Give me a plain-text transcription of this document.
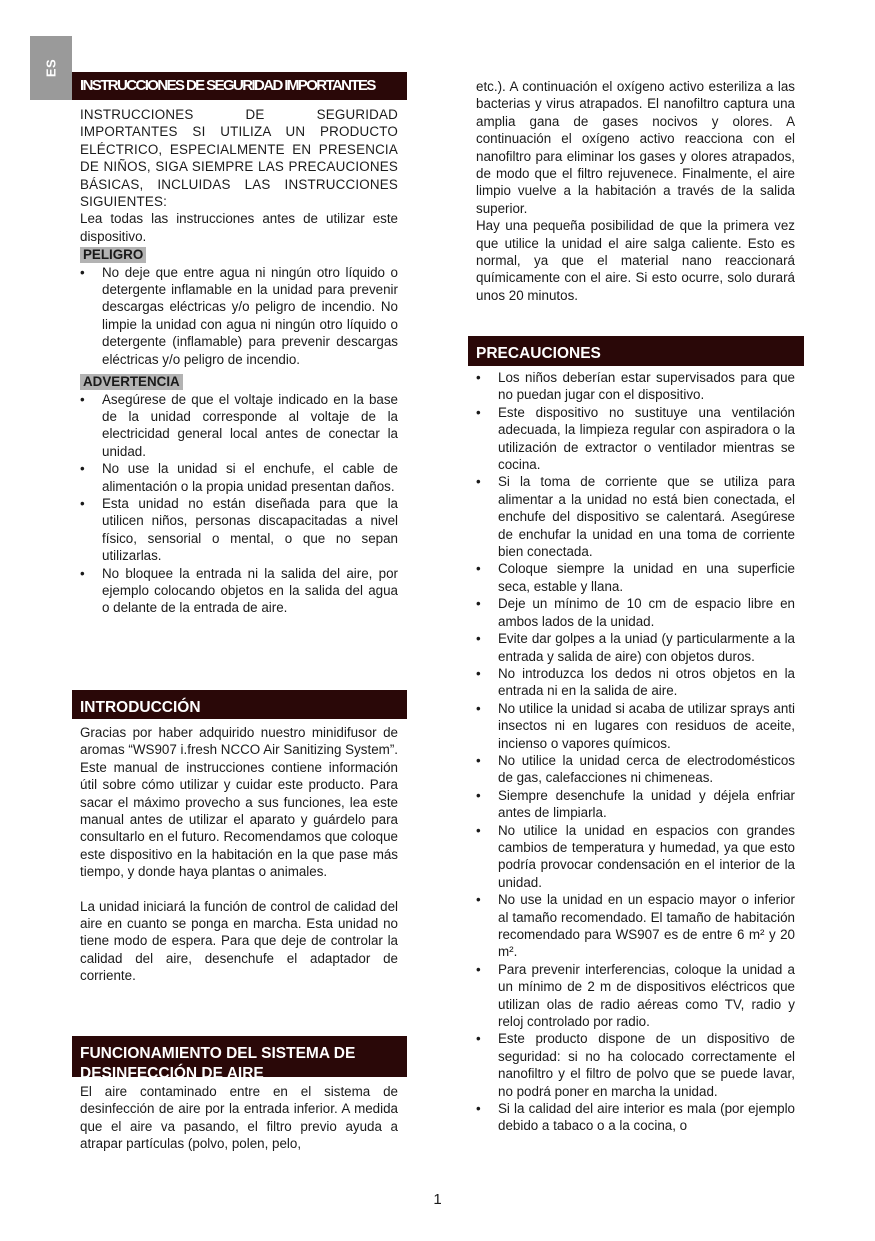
ES
INSTRUCCIONES DE SEGURIDAD IMPORTANTES

INSTRUCCIONES DE SEGURIDAD IMPORTANTES SI UTILIZA UN PRODUCTO ELÉCTRICO, ESPECIALMENTE EN PRESENCIA DE NIÑOS, SIGA SIEMPRE LAS PRECAUCIONES BÁSICAS, INCLUIDAS LAS INSTRUCCIONES SIGUIENTES:

Lea todas las instrucciones antes de utilizar este dispositivo.

PELIGRO
• No deje que entre agua ni ningún otro líquido o detergente inflamable en la unidad para prevenir descargas eléctricas y/o peligro de incendio. No limpie la unidad con agua ni ningún otro líquido o detergente (inflamable) para prevenir descargas eléctricas y/o peligro de incendio.
ADVERTENCIA
• Asegúrese de que el voltaje indicado en la base de la unidad corresponde al voltaje de la electricidad general local antes de conectar la unidad.
• No use la unidad si el enchufe, el cable de alimentación o la propia unidad presentan daños.
• Esta unidad no están diseñada para que la utilicen niños, personas discapacitadas a nivel físico, sensorial o mental, o que no sepan utilizarlas.
• No bloquee la entrada ni la salida del aire, por ejemplo colocando objetos en la salida del agua o delante de la entrada de aire.
INTRODUCCIÓN

Gracias por haber adquirido nuestro minidifusor de aromas “WS907 i.fresh NCCO Air Sanitizing System”. Este manual de instrucciones contiene información útil sobre cómo utilizar y cuidar este producto. Para sacar el máximo provecho a sus funciones, lea este manual antes de utilizar el aparato y guárdelo para consultarlo en el futuro. Recomendamos que coloque este dispositivo en la habitación en la que pase más tiempo, y donde haya plantas o animales.

La unidad iniciará la función de control de calidad del aire en cuanto se ponga en marcha. Esta unidad no tiene modo de espera. Para que deje de controlar la calidad del aire, desenchufe el adaptador de corriente.

FUNCIONAMIENTO DEL SISTEMA DE DESINFECCIÓN DE AIRE

El aire contaminado entre en el sistema de desinfección de aire por la entrada inferior. A medida que el aire va pasando, el filtro previo ayuda a atrapar partículas (polvo, polen, pelo,

etc.). A continuación el oxígeno activo esteriliza a las bacterias y virus atrapados. El nanofiltro captura una amplia gana de gases nocivos y olores. A continuación el oxígeno activo reacciona con el nanofiltro para eliminar los gases y olores atrapados, de modo que el filtro rejuvenece. Finalmente, el aire limpio vuelve a la habitación a través de la salida superior.

Hay una pequeña posibilidad de que la primera vez que utilice la unidad el aire salga caliente. Esto es normal, ya que el material nano reaccionará químicamente con el aire. Si esto ocurre, solo durará unos 20 minutos.

PRECAUCIONES
• Los niños deberían estar supervisados para que no puedan jugar con el dispositivo.
• Este dispositivo no sustituye una ventilación adecuada, la limpieza regular con aspiradora o la utilización de extractor o ventilador mientras se cocina.
• Si la toma de corriente que se utiliza para alimentar a la unidad no está bien conectada, el enchufe del dispositivo se calentará. Asegúrese de enchufar la unidad en una toma de corriente bien conectada.
• Coloque siempre la unidad en una superficie seca, estable y llana.
• Deje un mínimo de 10 cm de espacio libre en ambos lados de la unidad.
• Evite dar golpes a la uniad (y particularmente a la entrada y salida de aire) con objetos duros.
• No introduzca los dedos ni otros objetos en la entrada ni en la salida de aire.
• No utilice la unidad si acaba de utilizar sprays anti insectos ni en lugares con residuos de aceite, incienso o vapores químicos.
• No utilice la unidad cerca de electrodomésticos de gas, calefacciones ni chimeneas.
• Siempre desenchufe la unidad y déjela enfriar antes de limpiarla.
• No utilice la unidad en espacios con grandes cambios de temperatura y humedad, ya que esto podría provocar condensación en el interior de la unidad.
• No use la unidad en un espacio mayor o inferior al tamaño recomendado. El tamaño de habitación recomendado para WS907 es de entre 6 m² y 20 m².
• Para prevenir interferencias, coloque la unidad a un mínimo de 2 m de dispositivos eléctricos que utilizan olas de radio aéreas como TV, radio y reloj controlado por radio.
• Este producto dispone de un dispositivo de seguridad: si no ha colocado correctamente el nanofiltro y el filtro de polvo que se puede lavar, no podrá poner en marcha la unidad.
• Si la calidad del aire interior es mala (por ejemplo debido a tabaco o a la cocina, o
1
